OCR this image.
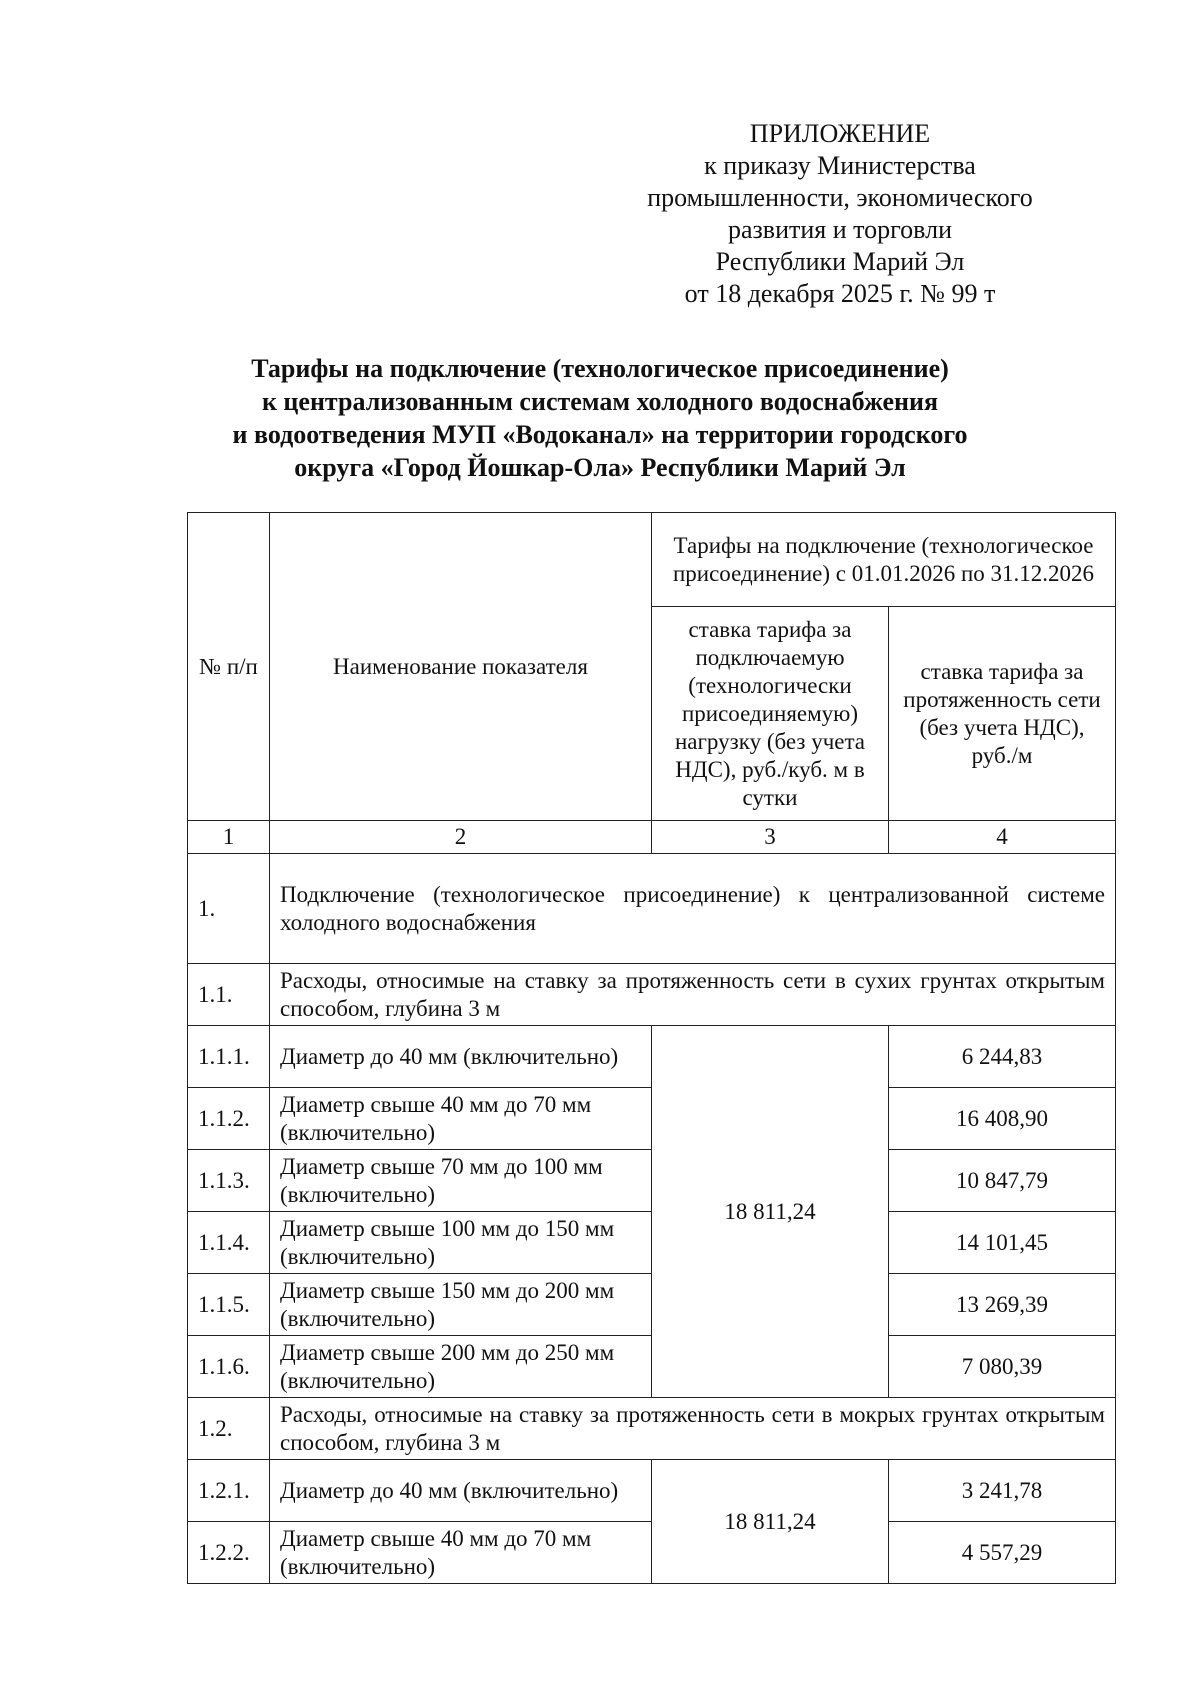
ПРИЛОЖЕНИЕ
к приказу Министерства
промышленности, экономического
развития и торговли
Республики Марий Эл
от 18 декабря 2025 г. № 99 т
Тарифы на подключение (технологическое присоединение)
к централизованным системам холодного водоснабжения
и водоотведения МУП «Водоканал» на территории городского
округа «Город Йошкар-Ола» Республики Марий Эл
№ п/п	Наименование показателя	Тарифы на подключение (технологическое присоединение) с 01.01.2026 по 31.12.2026	
		ставка тарифа за подключаемую (технологически присоединяемую) нагрузку (без учета НДС), руб./куб. м в сутки	ставка тарифа за протяженность сети (без учета НДС), руб./м
1	2	3	4
1.	Подключение (технологическое присоединение) к централизованной системе холодного водоснабжения		
1.1.	Расходы, относимые на ставку за протяженность сети в сухих грунтах открытым способом, глубина 3 м		
1.1.1.	Диаметр до 40 мм (включительно)	18 811,24	6 244,83
1.1.2.	Диаметр свыше 40 мм до 70 мм (включительно)		16 408,90
1.1.3.	Диаметр свыше 70 мм до 100 мм (включительно)		10 847,79
1.1.4.	Диаметр свыше 100 мм до 150 мм (включительно)		14 101,45
1.1.5.	Диаметр свыше 150 мм до 200 мм (включительно)		13 269,39
1.1.6.	Диаметр свыше 200 мм до 250 мм (включительно)		7 080,39
1.2.	Расходы, относимые на ставку за протяженность сети в мокрых грунтах открытым способом, глубина 3 м		
1.2.1.	Диаметр до 40 мм (включительно)	18 811,24	3 241,78
1.2.2.	Диаметр свыше 40 мм до 70 мм (включительно)		4 557,29
